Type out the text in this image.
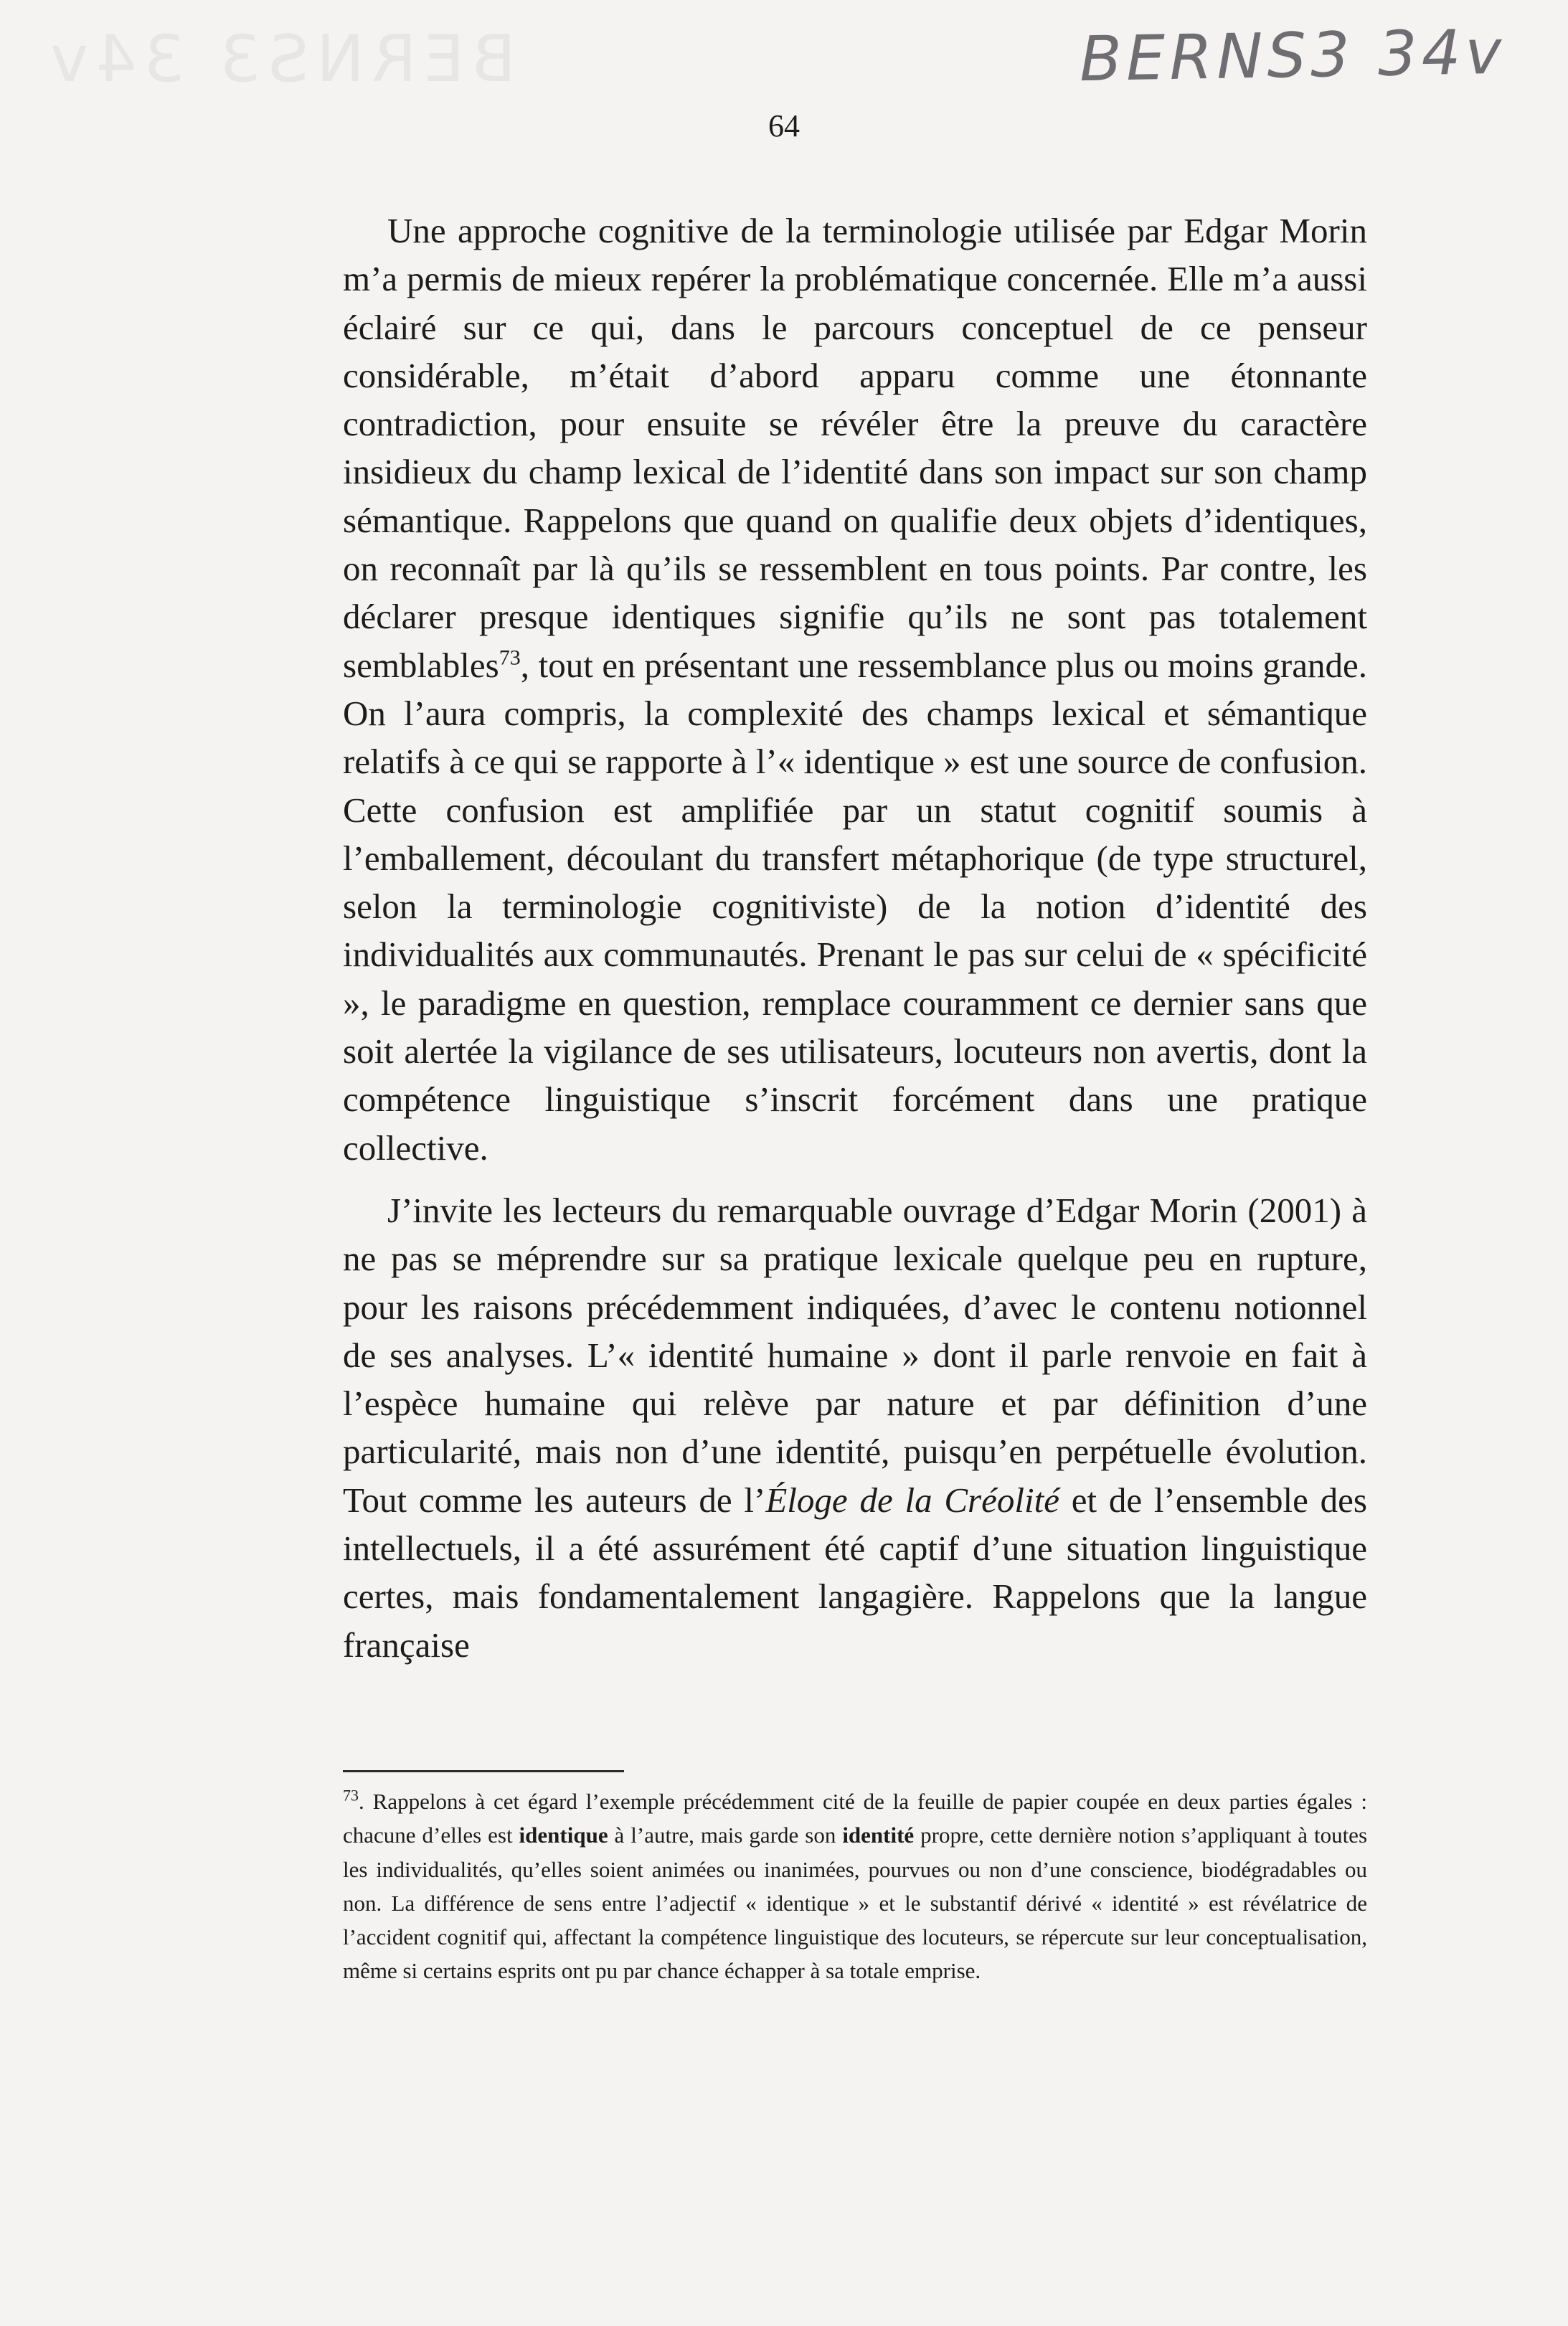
BERNS3 34v	BERNS3 34v
64

Une approche cognitive de la terminologie utilisée par Edgar Morin m’a permis de mieux repérer la problématique concernée. Elle m’a aussi éclairé sur ce qui, dans le parcours conceptuel de ce penseur considérable, m’était d’abord apparu comme une étonnante contradiction, pour ensuite se révéler être la preuve du caractère insidieux du champ lexical de l’identité dans son impact sur son champ sémantique. Rappelons que quand on qualifie deux objets d’identiques, on reconnaît par là qu’ils se ressemblent en tous points. Par contre, les déclarer presque identiques signifie qu’ils ne sont pas totalement semblables$^{73}$, tout en présentant une ressemblance plus ou moins grande. On l’aura compris, la complexité des champs lexical et sémantique relatifs à ce qui se rapporte à l’« identique » est une source de confusion. Cette confusion est amplifiée par un statut cognitif soumis à l’emballement, découlant du transfert métaphorique (de type structurel, selon la terminologie cognitiviste) de la notion d’identité des individualités aux communautés. Prenant le pas sur celui de « spécificité », le paradigme en question, remplace couramment ce dernier sans que soit alertée la vigilance de ses utilisateurs, locuteurs non avertis, dont la compétence linguistique s’inscrit forcément dans une pratique collective.

J’invite les lecteurs du remarquable ouvrage d’Edgar Morin (2001) à ne pas se méprendre sur sa pratique lexicale quelque peu en rupture, pour les raisons précédemment indiquées, d’avec le contenu notionnel de ses analyses. L’« identité humaine » dont il parle renvoie en fait à l’espèce humaine qui relève par nature et par définition d’une particularité, mais non d’une identité, puisqu’en perpétuelle évolution. Tout comme les auteurs de l’Éloge de la Créolité et de l’ensemble des intellectuels, il a été assurément été captif d’une situation linguistique certes, mais fondamentalement langagière. Rappelons que la langue française

$^{73}$. Rappelons à cet égard l’exemple précédemment cité de la feuille de papier coupée en deux parties égales : chacune d’elles est identique à l’autre, mais garde son identité propre, cette dernière notion s’appliquant à toutes les individualités, qu’elles soient animées ou inanimées, pourvues ou non d’une conscience, biodégradables ou non. La différence de sens entre l’adjectif « identique » et le substantif dérivé « identité » est révélatrice de l’accident cognitif qui, affectant la compétence linguistique des locuteurs, se répercute sur leur conceptualisation, même si certains esprits ont pu par chance échapper à sa totale emprise.
